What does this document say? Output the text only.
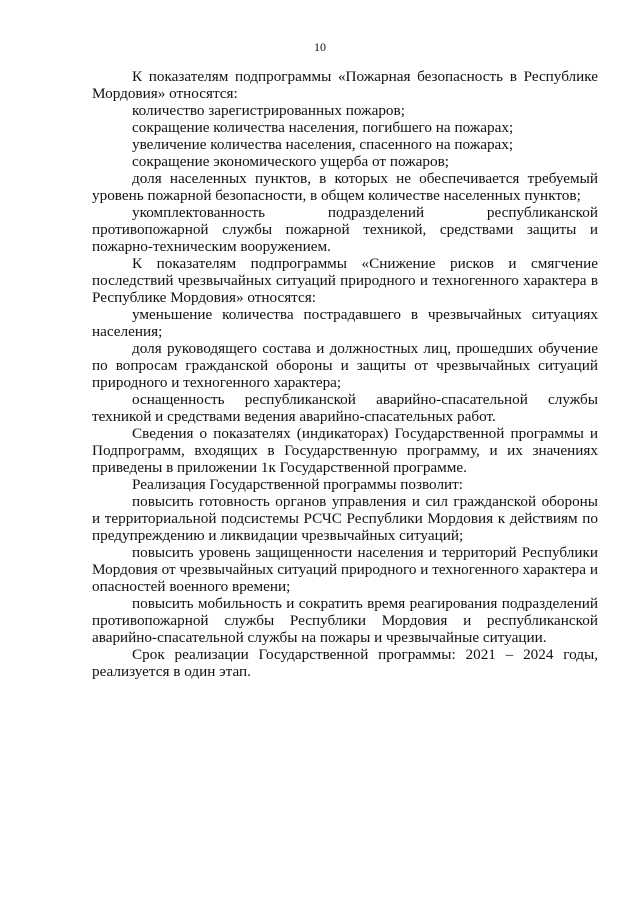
10

К показателям подпрограммы «Пожарная безопасность в Республике Мордовия» относятся:

количество зарегистрированных пожаров;

сокращение количества населения, погибшего на пожарах;

увеличение количества населения, спасенного на пожарах;

сокращение экономического ущерба от пожаров;

доля населенных пунктов, в которых не обеспечивается требуемый уровень пожарной безопасности, в общем количестве населенных пунктов;

укомплектованность подразделений республиканской противопожарной службы пожарной техникой, средствами защиты и пожарно-техническим вооружением.

К показателям подпрограммы «Снижение рисков и смягчение последствий чрезвычайных ситуаций природного и техногенного характера в Республике Мордовия» относятся:

уменьшение количества пострадавшего в чрезвычайных ситуациях населения;

доля руководящего состава и должностных лиц, прошедших обучение по вопросам гражданской обороны и защиты от чрезвычайных ситуаций природного и техногенного характера;

оснащенность республиканской аварийно-спасательной службы техникой и средствами ведения аварийно-спасательных работ.

Сведения о показателях (индикаторах) Государственной программы и Подпрограмм, входящих в Государственную программу, и их значениях приведены в приложении 1к Государственной программе.

Реализация Государственной программы позволит:

повысить готовность органов управления и сил гражданской обороны и территориальной подсистемы РСЧС Республики Мордовия к действиям по предупреждению и ликвидации чрезвычайных ситуаций;

повысить уровень защищенности населения и территорий Республики Мордовия от чрезвычайных ситуаций природного и техногенного характера и опасностей военного времени;

повысить мобильность и сократить время реагирования подразделений противопожарной службы Республики Мордовия и республиканской аварийно-спасательной службы на пожары и чрезвычайные ситуации.

Срок реализации Государственной программы: 2021 – 2024 годы, реализуется в один этап.
